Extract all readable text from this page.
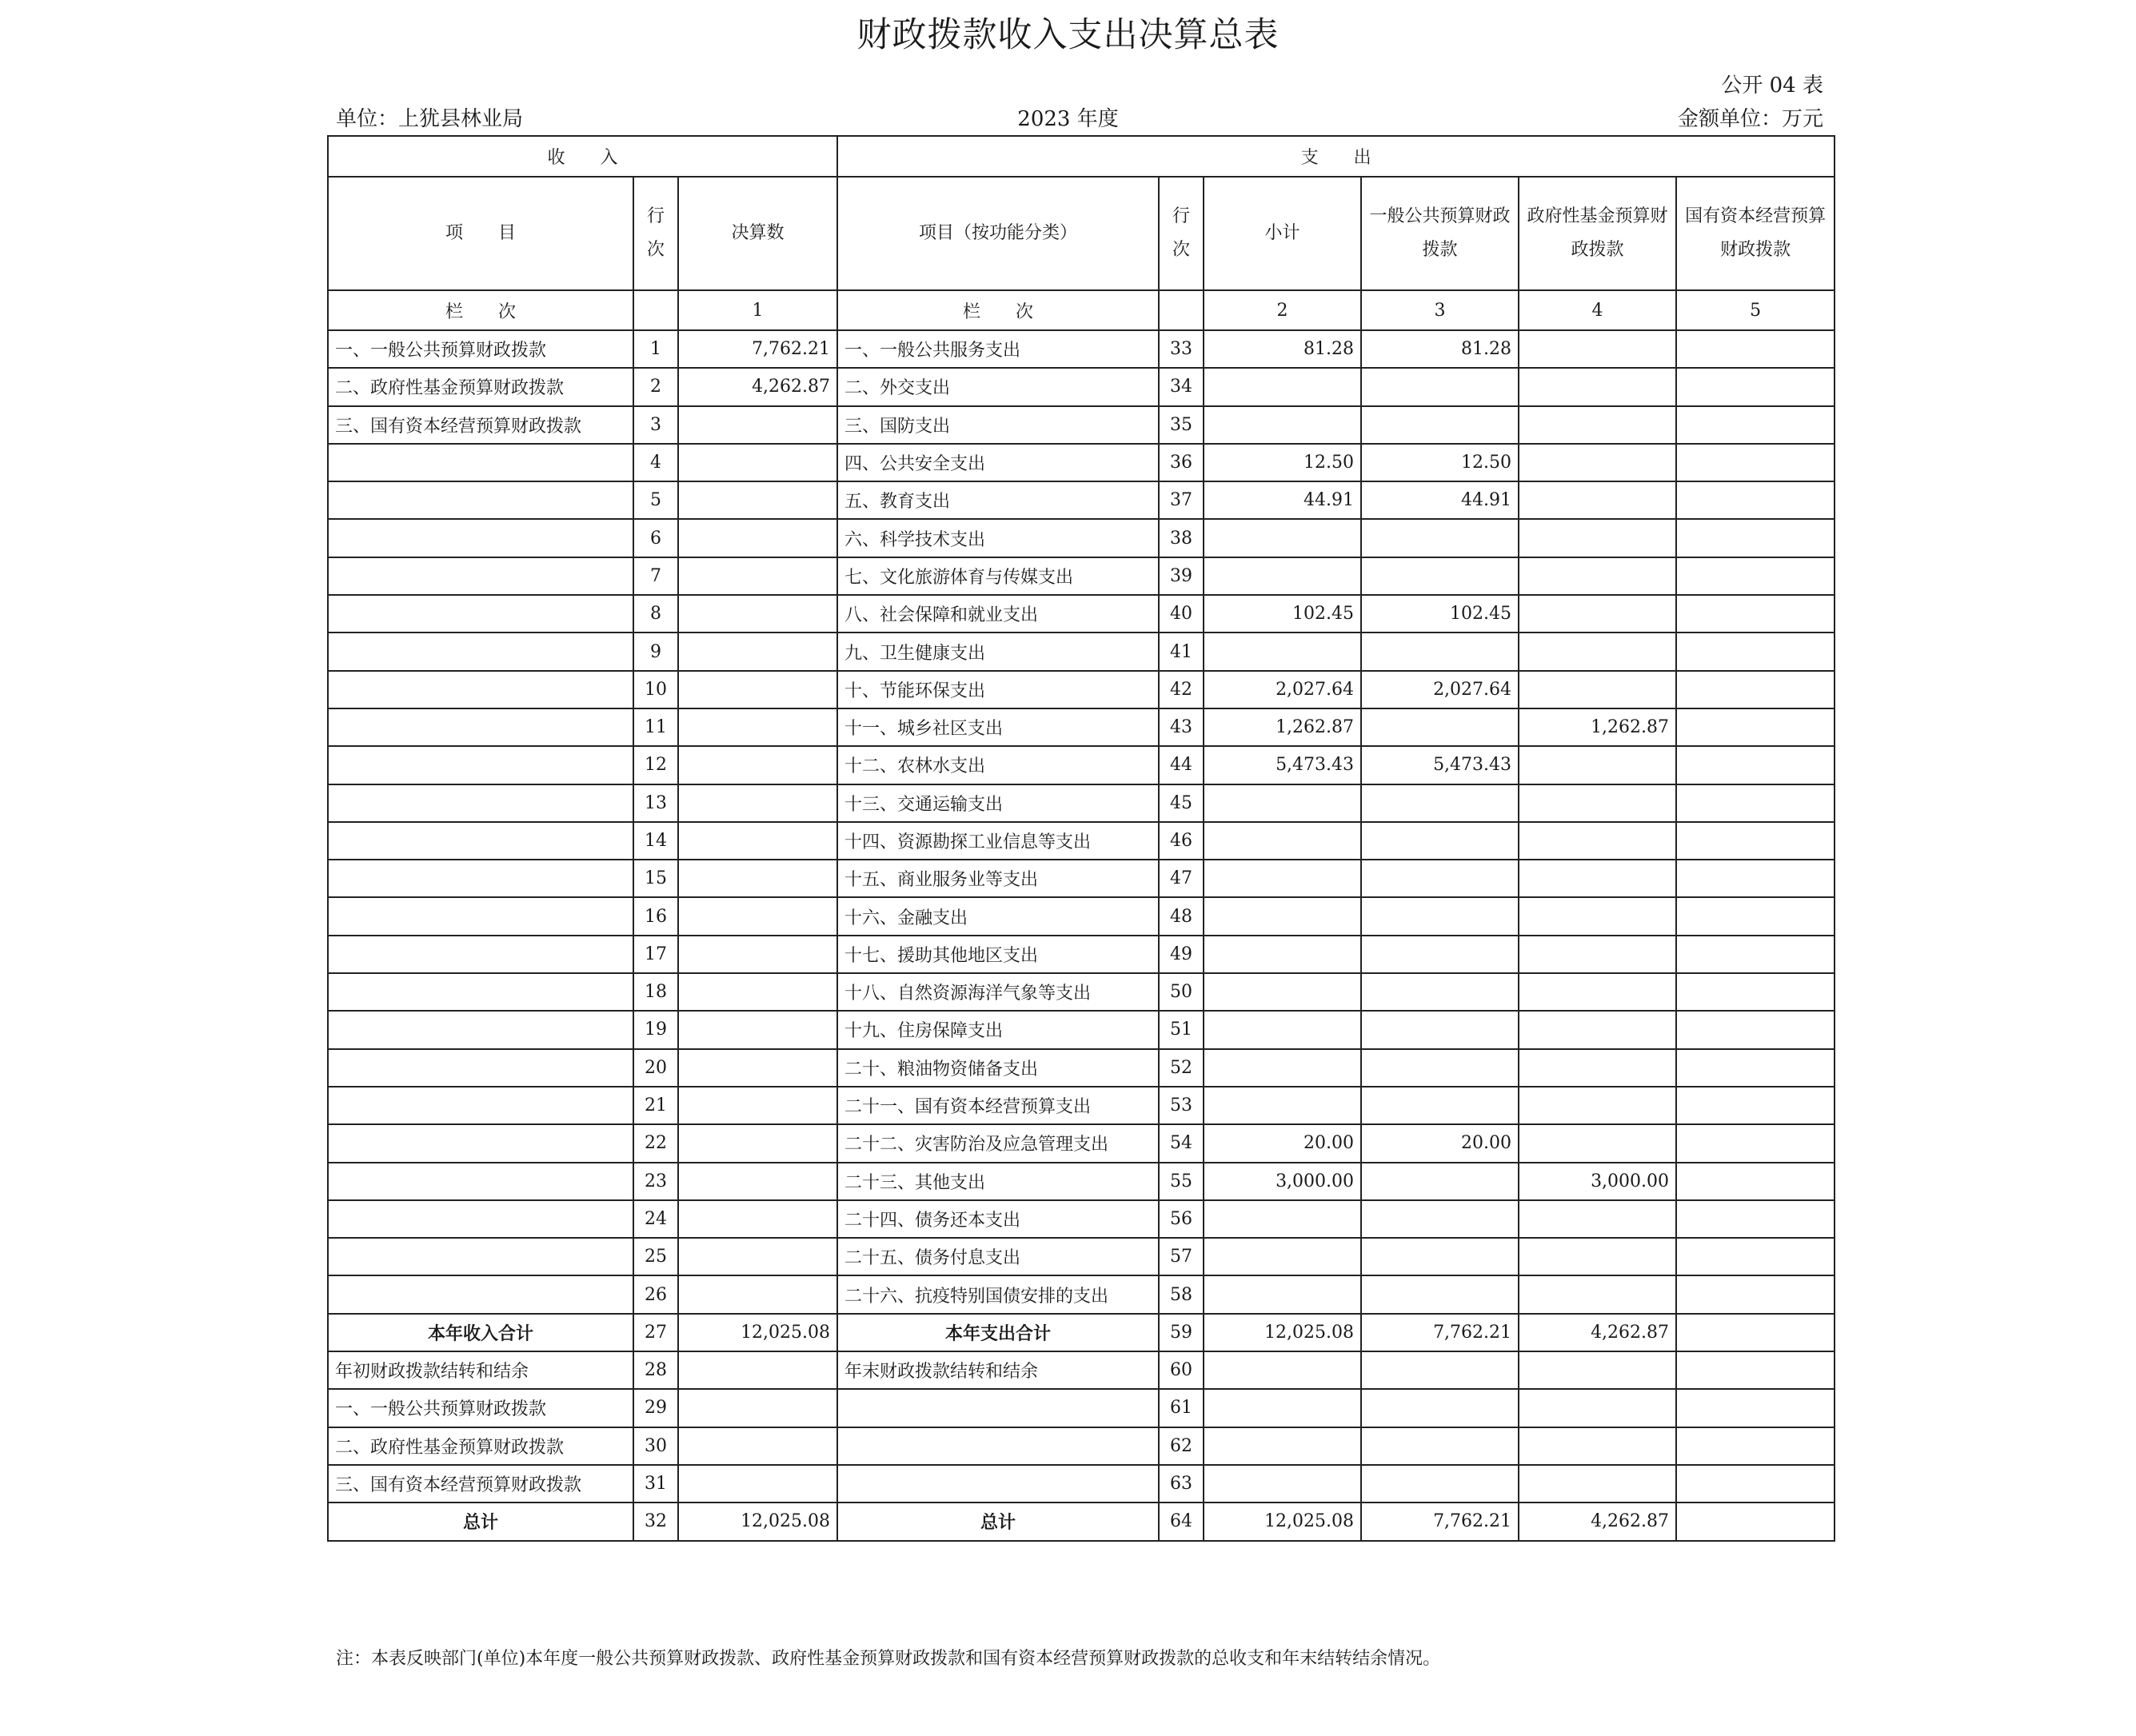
财政拨款收入支出决算总表
公开 04 表
单位：上犹县林业局	2023 年度	金额单位：万元
收　　入			支　　出					
项　　目	行次	决算数	项目（按功能分类）	行次	小计	一般公共预算财政拨款	政府性基金预算财政拨款	国有资本经营预算财政拨款
栏　　次		1	栏　　次		2	3	4	5
一、一般公共预算财政拨款	1	7,762.21	一、一般公共服务支出	33	81.28	81.28		
二、政府性基金预算财政拨款	2	4,262.87	二、外交支出	34				
三、国有资本经营预算财政拨款	3		三、国防支出	35				
	4		四、公共安全支出	36	12.50	12.50		
	5		五、教育支出	37	44.91	44.91		
	6		六、科学技术支出	38				
	7		七、文化旅游体育与传媒支出	39				
	8		八、社会保障和就业支出	40	102.45	102.45		
	9		九、卫生健康支出	41				
	10		十、节能环保支出	42	2,027.64	2,027.64		
	11		十一、城乡社区支出	43	1,262.87		1,262.87	
	12		十二、农林水支出	44	5,473.43	5,473.43		
	13		十三、交通运输支出	45				
	14		十四、资源勘探工业信息等支出	46				
	15		十五、商业服务业等支出	47				
	16		十六、金融支出	48				
	17		十七、援助其他地区支出	49				
	18		十八、自然资源海洋气象等支出	50				
	19		十九、住房保障支出	51				
	20		二十、粮油物资储备支出	52				
	21		二十一、国有资本经营预算支出	53				
	22		二十二、灾害防治及应急管理支出	54	20.00	20.00		
	23		二十三、其他支出	55	3,000.00		3,000.00	
	24		二十四、债务还本支出	56				
	25		二十五、债务付息支出	57				
	26		二十六、抗疫特别国债安排的支出	58				
本年收入合计	27	12,025.08	本年支出合计	59	12,025.08	7,762.21	4,262.87	
年初财政拨款结转和结余	28		年末财政拨款结转和结余	60				
一、一般公共预算财政拨款	29			61				
二、政府性基金预算财政拨款	30			62				
三、国有资本经营预算财政拨款	31			63				
总计	32	12,025.08	总计	64	12,025.08	7,762.21	4,262.87	
注：本表反映部门(单位)本年度一般公共预算财政拨款、政府性基金预算财政拨款和国有资本经营预算财政拨款的总收支和年末结转结余情况。
